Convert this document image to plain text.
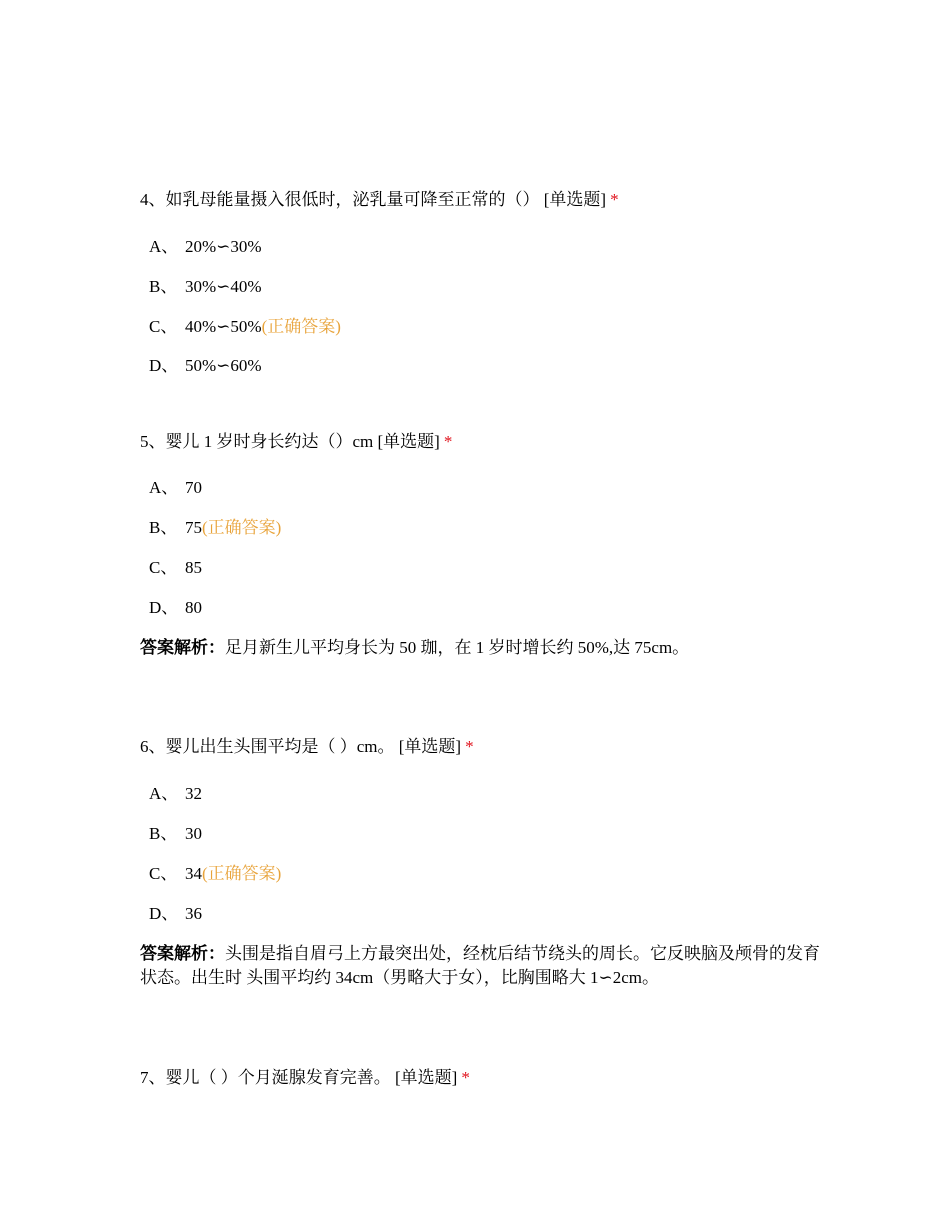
4、如乳母能量摄入很低时，泌乳量可降至正常的（） [单选题] *
A、 20%∽30%
B、 30%∽40%
C、 40%∽50%(正确答案)
D、 50%∽60%
5、婴儿 1 岁时身长约达（）cm [单选题] *
A、 70
B、 75(正确答案)
C、 85
D、 80
答案解析：足月新生儿平均身长为 50 珈，在 1 岁时增长约 50%,达 75cm。
6、婴儿出生头围平均是（ ）cm。 [单选题] *
A、 32
B、 30
C、 34(正确答案)
D、 36
答案解析：头围是指自眉弓上方最突出处，经枕后结节绕头的周长。它反映脑及颅骨的发育状态。出生时 头围平均约 34cm（男略大于女），比胸围略大 1∽2cm。
7、婴儿（ ）个月涎腺发育完善。 [单选题] *
